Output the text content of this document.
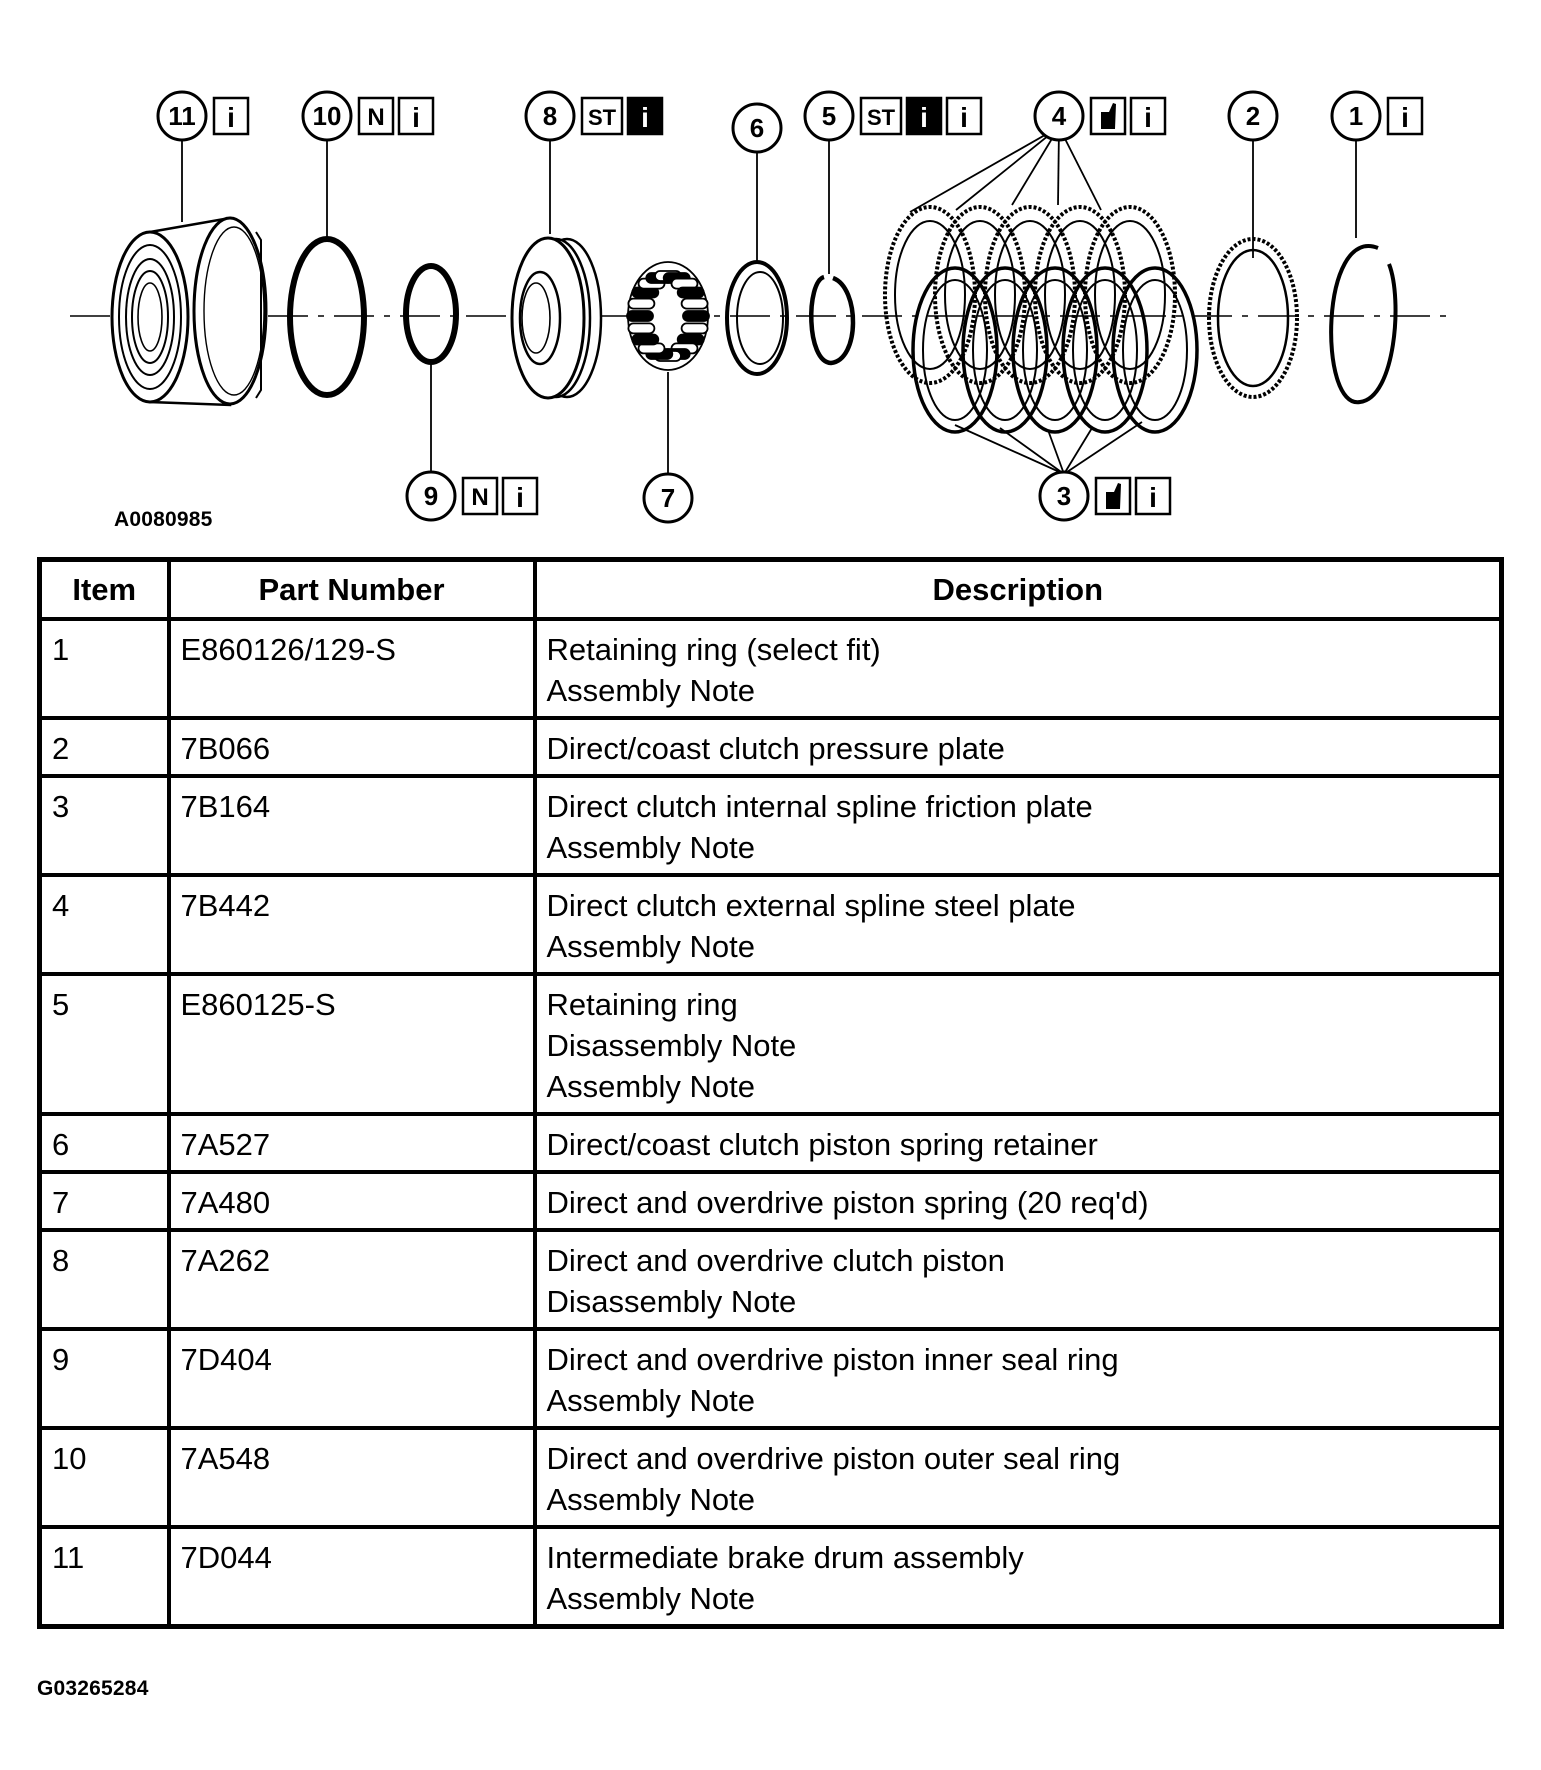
11 i	10 N i
9 N i
8 ST i
7
6 5 ST i i	4	i
3	i
2	1 i
A0080985
Item	Part Number	Description
1	E860126/129-S	Retaining ring (select fit)
Assembly Note

2	7B066	Direct/coast clutch pressure plate

3	7B164	Direct clutch internal spline friction plate
Assembly Note

4	7B442	Direct clutch external spline steel plate
Assembly Note

5	E860125-S	Retaining ring
Disassembly Note
Assembly Note

6	7A527	Direct/coast clutch piston spring retainer

7	7A480	Direct and overdrive piston spring (20 req'd)

8	7A262	Direct and overdrive clutch piston
Disassembly Note

9	7D404	Direct and overdrive piston inner seal ring
Assembly Note

10	7A548	Direct and overdrive piston outer seal ring
Assembly Note

11	7D044	Intermediate brake drum assembly
Assembly Note
G03265284
